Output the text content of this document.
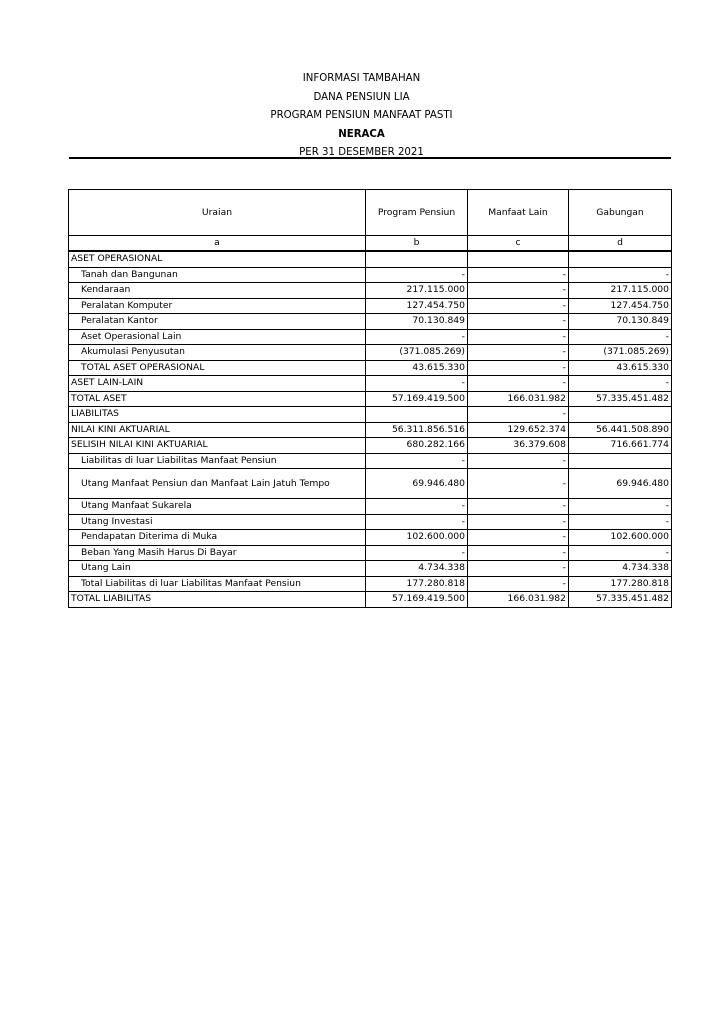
INFORMASI TAMBAHAN
DANA PENSIUN LIA
PROGRAM PENSIUN MANFAAT PASTI
NERACA
PER 31 DESEMBER 2021
Uraian	Program Pensiun	Manfaat Lain	Gabungan
a	b	c	d
ASET OPERASIONAL			
Tanah dan Bangunan	-	-	-
Kendaraan	217.115.000	-	217.115.000
Peralatan Komputer	127.454.750	-	127.454.750
Peralatan Kantor	70.130.849	-	70.130.849
Aset Operasional Lain	-	-	-
Akumulasi Penyusutan	(371.085.269)	-	(371.085.269)
TOTAL ASET OPERASIONAL	43.615.330	-	43.615.330
ASET LAIN-LAIN	-	-	-
TOTAL ASET	57.169.419.500	166.031.982	57.335.451.482
LIABILITAS		-	
NILAI KINI AKTUARIAL	56.311.856.516	129.652.374	56.441.508.890
SELISIH NILAI KINI AKTUARIAL	680.282.166	36.379.608	716.661.774
Liabilitas di luar Liabilitas Manfaat Pensiun	-	-	
Utang Manfaat Pensiun dan Manfaat Lain Jatuh Tempo	69.946.480	-	69.946.480
Utang Manfaat Sukarela	-	-	-
Utang Investasi	-	-	-
Pendapatan Diterima di Muka	102.600.000	-	102.600.000
Beban Yang Masih Harus Di Bayar	-	-	-
Utang Lain	4.734.338	-	4.734.338
Total Liabilitas di luar Liabilitas Manfaat Pensiun	177.280.818	-	177.280.818
TOTAL LIABILITAS	57.169.419.500	166.031.982	57.335.451.482
